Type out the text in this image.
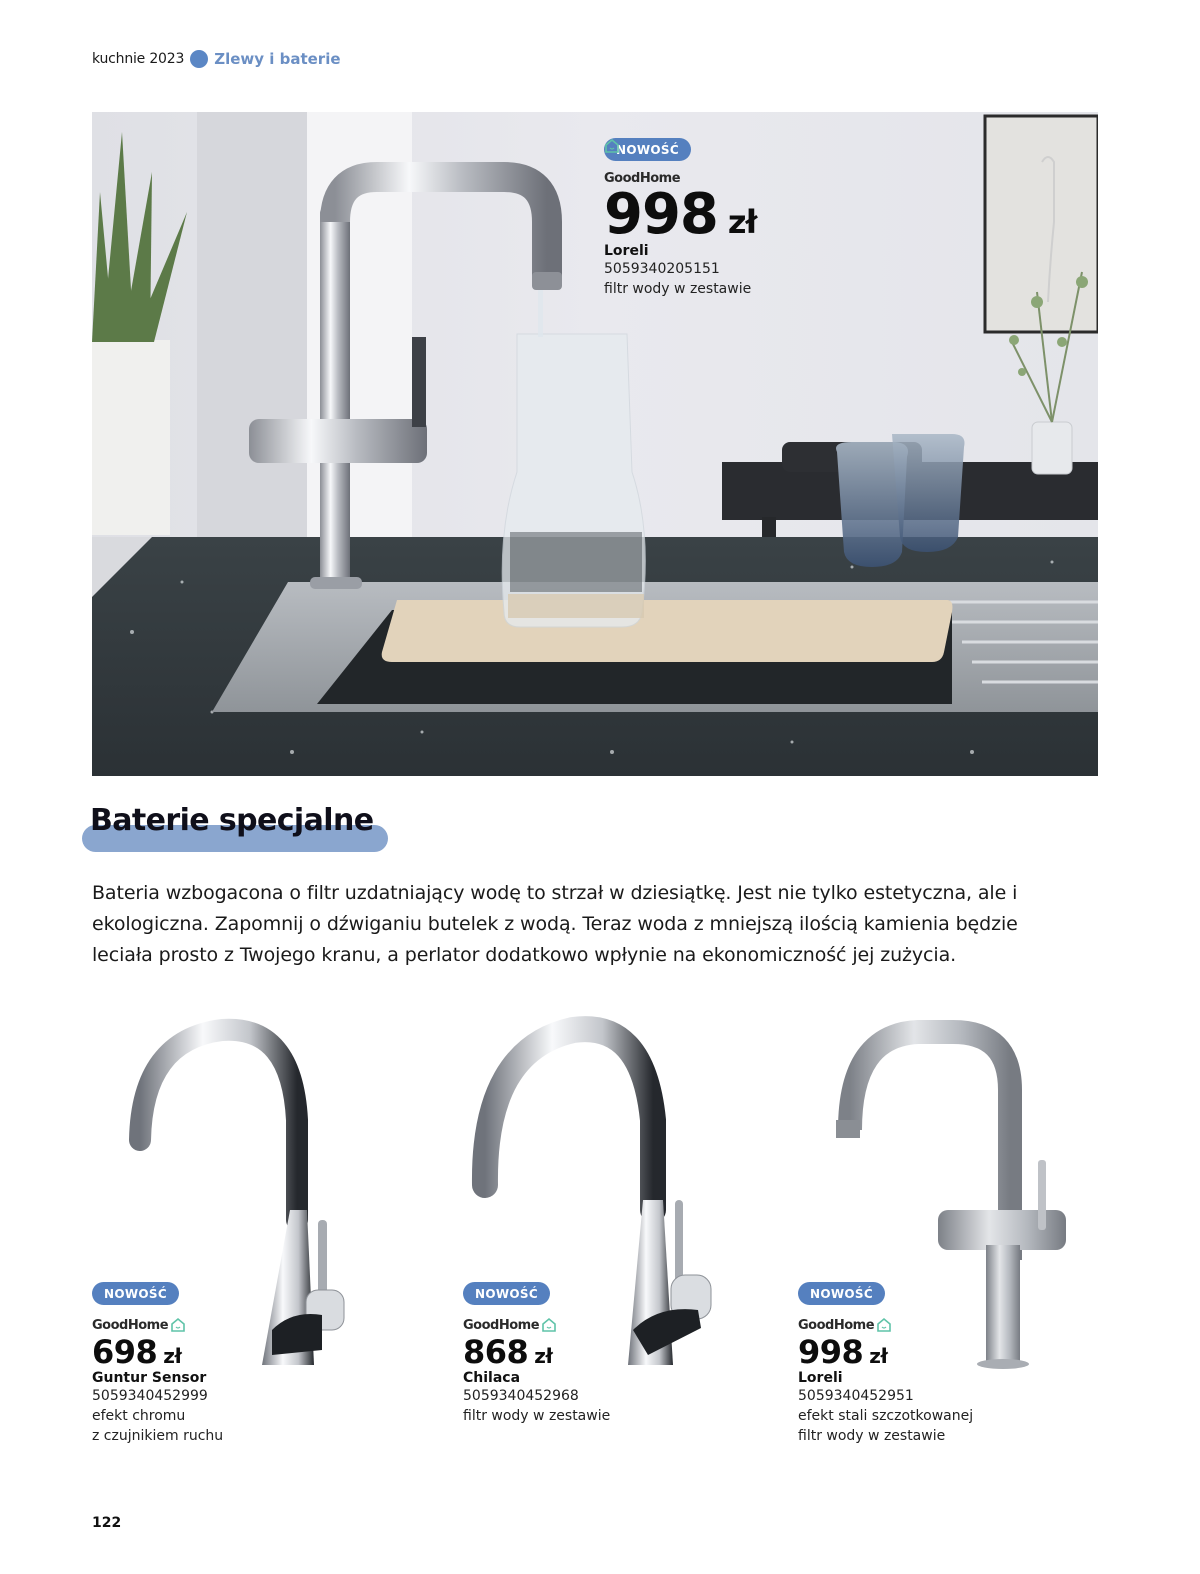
kuchnie 2023 Zlewy i baterie
NOWOŚĆ
GoodHome
998 zł
Loreli
5059340205151
filtr wody w zestawie
Baterie specjalne

Bateria wzbogacona o filtr uzdatniający wodę to strzał w dziesiątkę. Jest nie tylko estetyczna, ale i ekologiczna. Zapomnij o dźwiganiu butelek z wodą. Teraz woda z mniejszą ilością kamienia będzie leciała prosto z Twojego kranu, a perlator dodatkowo wpłynie na ekonomiczność jej zużycia.

NOWOŚĆ
GoodHome
698 zł
Guntur Sensor
5059340452999
efekt chromu
z czujnikiem ruchu
NOWOŚĆ
GoodHome
868 zł
Chilaca
5059340452968
filtr wody w zestawie
NOWOŚĆ
GoodHome
998 zł
Loreli
5059340452951
efekt stali szczotkowanej
filtr wody w zestawie
122
